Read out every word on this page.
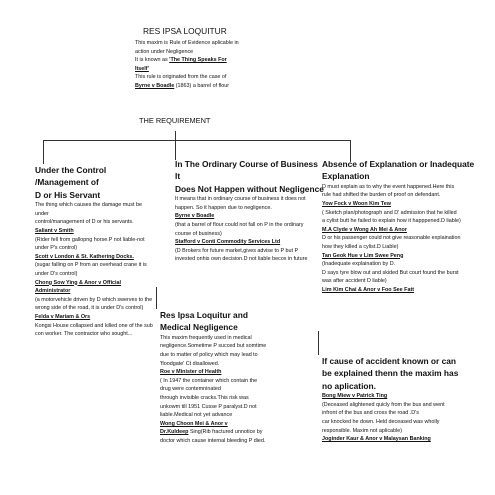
RES IPSA LOQUITUR
This maxim is Rule of Evidence aplicable in
action under Negligence
It is known as 'The Thing Speaks For
Itself'
This rule is originated from the case of
Byrne v Boadle (1863) a barrel of flour
THE REQUIREMENT
Under the Control /Management of
D or His Servant
The thing which causes the damage must be under
control/management of D or his servants.
Saliant v Smith
(Rider fell from gallopng horse.P not liable-not
under P's control)
Scott v London & St. Kathering Docks.
(sugar falling on P from an overhead crane it is
under D's control)
Chong Sow Ying & Anor v Official
Administrator
(a motorvehicle driven by D which swerves to the
wrong side of the road, it is under D's control)
Felda v Mariam & Ors
Kongsi House collapsed and killed one of the sub
con worker. The contractor who sought...
In The Ordinary Course of Business It
Does Not Happen without Negligence
It means that in ordinary course of business it does not
happen. So it happen due to negligence.
Byrne v Boadle
(that a barrel of flour could not fall on P in the ordinary
course of business)
Stafford v Conti Commodity Services Ltd
(D Brokers for future market,gives advise to P but P
invested onhis own decision.D not liable becox in future
Absence of Explanation or Inadequate
Explanation
D must explain as to why the event happened.Here this
rule had shifted the burden of proof on defendant.
Yow Fock v Woon Kim Tew
( Sketch plan/photograph and D' admission that he killed
a cylist butt he failed to explain how it happpened.D liable)
M.A Clyde v Wong Ah Mei & Anor
D or his passenger could not give reasonable explaination
how they killed a cylist.D Liable)
Tan Geok Hue v Lim Swee Peng
(Inadequate explaination by D.
D says tyre blow out and skided But court found the burst
was after accident D liable)
Lim Kim Chai & Anor v Foo See Fatt
Res Ipsa Loquitur and
Medical Negligence
This maxim frequently used in medical
negligence.Sometime P succed but somtime
due to matter of policy which may lead to
'floodgate' Ct disallowed.
Roe v Minister of Health
( In 1947 the container which contain the
drug were contemninated
through invisible cracks.This risk was
unkowm till 1951 Cusse P paralyst.D not
liable.Medical not yet advance
Wong Choon Mei & Anor v
Dr.Kuldeep Sing(Rib fractured unnotice by
doctor which cause internal bleeding P died.
If cause of accident known or can
be explained thenn the maxim has
no aplication.
Bong Miew v Patrick Ting
(Deceased alightened quicly from the bus and went
infront of the bus and cross the road .D's
car knocked he down. Held deceased was wholly
responsible. Maxim not aplicable)
Joginder Kaur & Anor v Malaysan Banking
